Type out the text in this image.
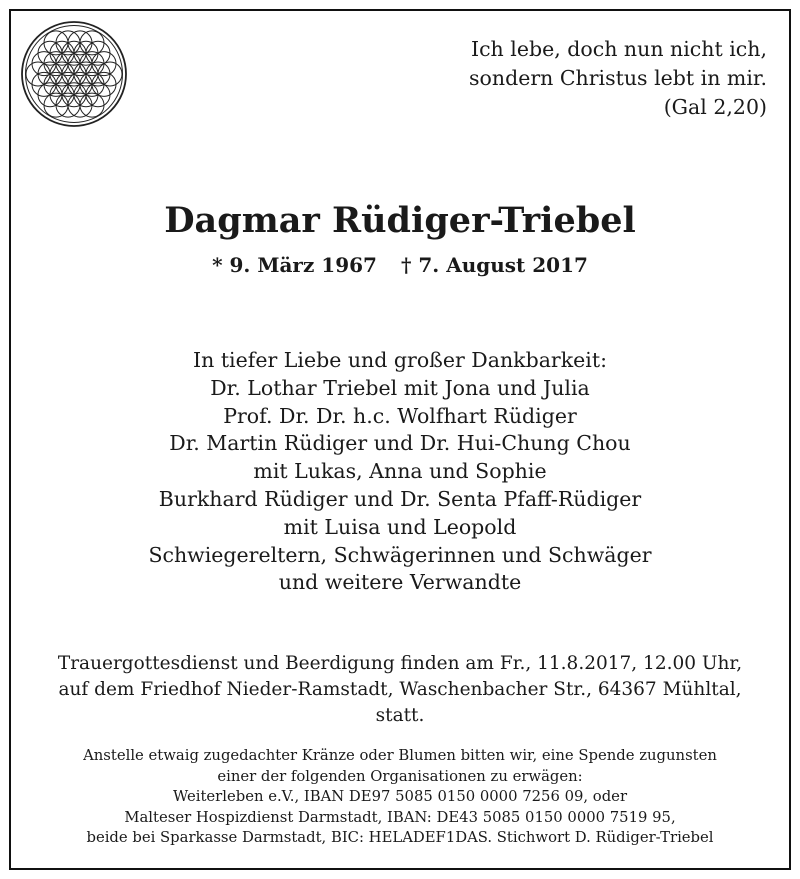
Ich lebe, doch nun nicht ich,
sondern Christus lebt in mir.
(Gal 2,20)
Dagmar Rüdiger-Triebel
* 9. März 1967 † 7. August 2017
In tiefer Liebe und großer Dankbarkeit:
Dr. Lothar Triebel mit Jona und Julia
Prof. Dr. Dr. h.c. Wolfhart Rüdiger
Dr. Martin Rüdiger und Dr. Hui-Chung Chou
mit Lukas, Anna und Sophie
Burkhard Rüdiger und Dr. Senta Pfaff-Rüdiger
mit Luisa und Leopold
Schwiegereltern, Schwägerinnen und Schwäger
und weitere Verwandte
Trauergottesdienst und Beerdigung finden am Fr., 11.8.2017, 12.00 Uhr,
auf dem Friedhof Nieder-Ramstadt, Waschenbacher Str., 64367 Mühltal,
statt.
Anstelle etwaig zugedachter Kränze oder Blumen bitten wir, eine Spende zugunsten
einer der folgenden Organisationen zu erwägen:
Weiterleben e.V., IBAN DE97 5085 0150 0000 7256 09, oder
Malteser Hospizdienst Darmstadt, IBAN: DE43 5085 0150 0000 7519 95,
beide bei Sparkasse Darmstadt, BIC: HELADEF1DAS. Stichwort D. Rüdiger-Triebel
